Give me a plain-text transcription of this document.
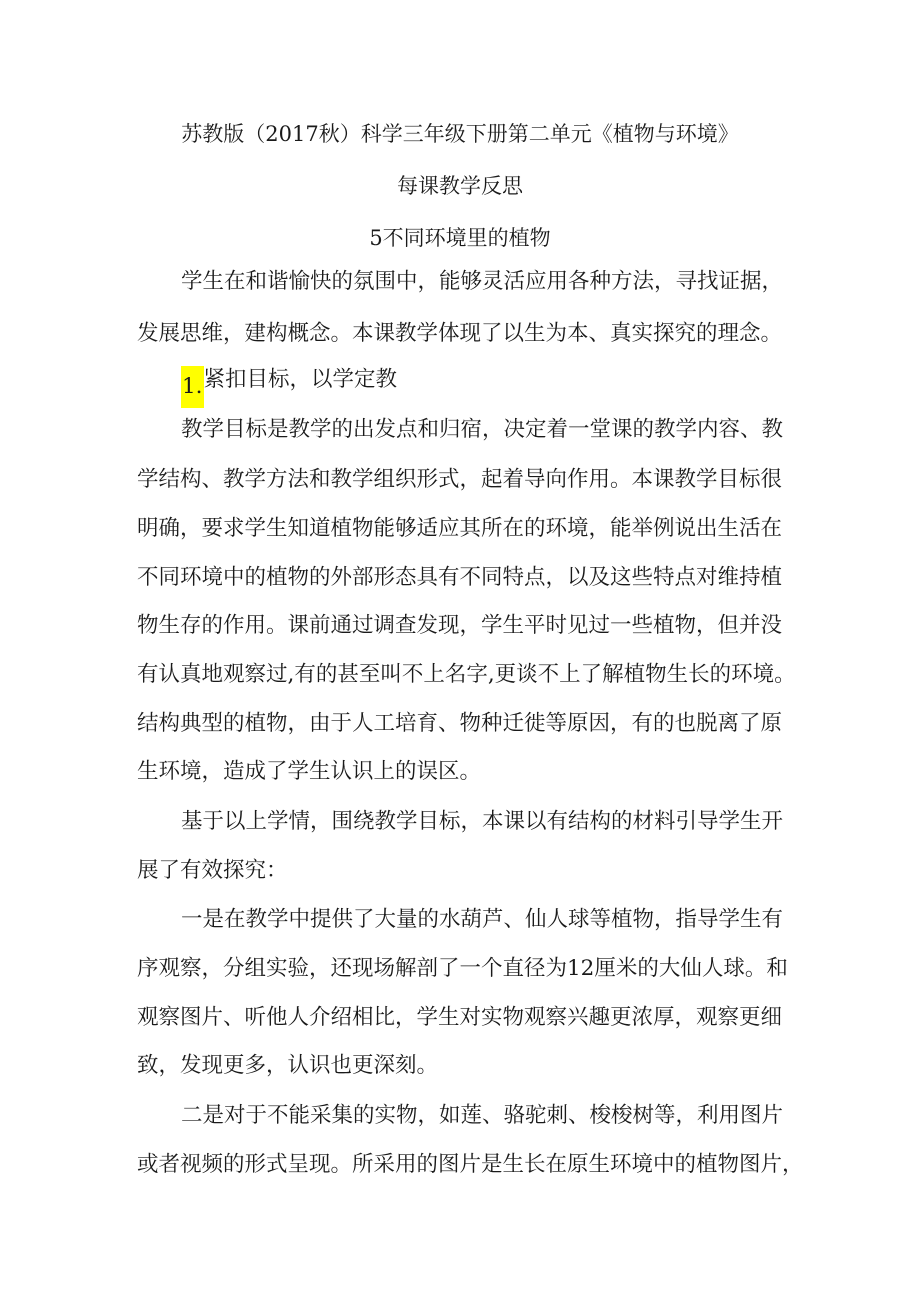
苏教版（2017秋）科学三年级下册第二单元《植物与环境》
每课教学反思
5不同环境里的植物
学生在和谐愉快的氛围中，能够灵活应用各种方法，寻找证据，
发展思维，建构概念。本课教学体现了以生为本、真实探究的理念。
1.紧扣目标，以学定教
教学目标是教学的出发点和归宿，决定着一堂课的教学内容、教
学结构、教学方法和教学组织形式，起着导向作用。本课教学目标很
明确，要求学生知道植物能够适应其所在的环境，能举例说出生活在
不同环境中的植物的外部形态具有不同特点，以及这些特点对维持植
物生存的作用。课前通过调查发现，学生平时见过一些植物，但并没
有认真地观察过,有的甚至叫不上名字,更谈不上了解植物生长的环境。
结构典型的植物，由于人工培育、物种迁徙等原因，有的也脱离了原
生环境，造成了学生认识上的误区。
基于以上学情，围绕教学目标，本课以有结构的材料引导学生开
展了有效探究：
一是在教学中提供了大量的水葫芦、仙人球等植物，指导学生有
序观察，分组实验，还现场解剖了一个直径为12厘米的大仙人球。和
观察图片、听他人介绍相比，学生对实物观察兴趣更浓厚，观察更细
致，发现更多，认识也更深刻。
二是对于不能采集的实物，如莲、骆驼刺、梭梭树等，利用图片
或者视频的形式呈现。所采用的图片是生长在原生环境中的植物图片，
